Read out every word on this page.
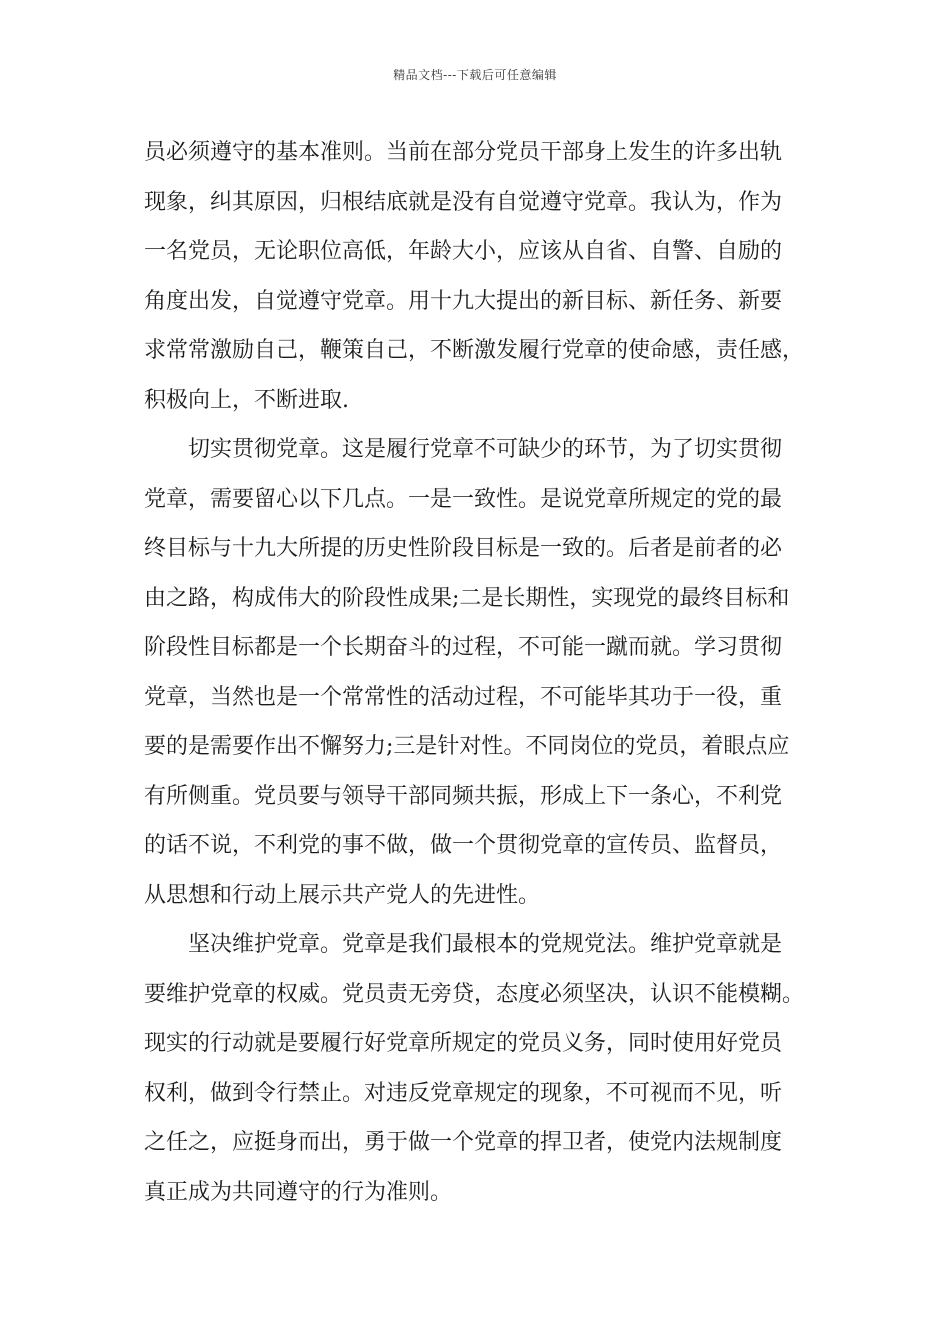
精品文档---下载后可任意编辑
员必须遵守的基本准则。当前在部分党员干部身上发生的许多出轨
现象，纠其原因，归根结底就是没有自觉遵守党章。我认为，作为
一名党员，无论职位高低，年龄大小，应该从自省、自警、自励的
角度出发，自觉遵守党章。用十九大提出的新目标、新任务、新要
求常常激励自己，鞭策自己，不断激发履行党章的使命感，责任感，
积极向上，不断进取.
切实贯彻党章。这是履行党章不可缺少的环节，为了切实贯彻
党章，需要留心以下几点。一是一致性。是说党章所规定的党的最
终目标与十九大所提的历史性阶段目标是一致的。后者是前者的必
由之路，构成伟大的阶段性成果;二是长期性，实现党的最终目标和
阶段性目标都是一个长期奋斗的过程，不可能一蹴而就。学习贯彻
党章，当然也是一个常常性的活动过程，不可能毕其功于一役，重
要的是需要作出不懈努力;三是针对性。不同岗位的党员，着眼点应
有所侧重。党员要与领导干部同频共振，形成上下一条心，不利党
的话不说，不利党的事不做，做一个贯彻党章的宣传员、监督员，
从思想和行动上展示共产党人的先进性。
坚决维护党章。党章是我们最根本的党规党法。维护党章就是
要维护党章的权威。党员责无旁贷，态度必须坚决，认识不能模糊。
现实的行动就是要履行好党章所规定的党员义务，同时使用好党员
权利，做到令行禁止。对违反党章规定的现象，不可视而不见，听
之任之，应挺身而出，勇于做一个党章的捍卫者，使党内法规制度
真正成为共同遵守的行为准则。
